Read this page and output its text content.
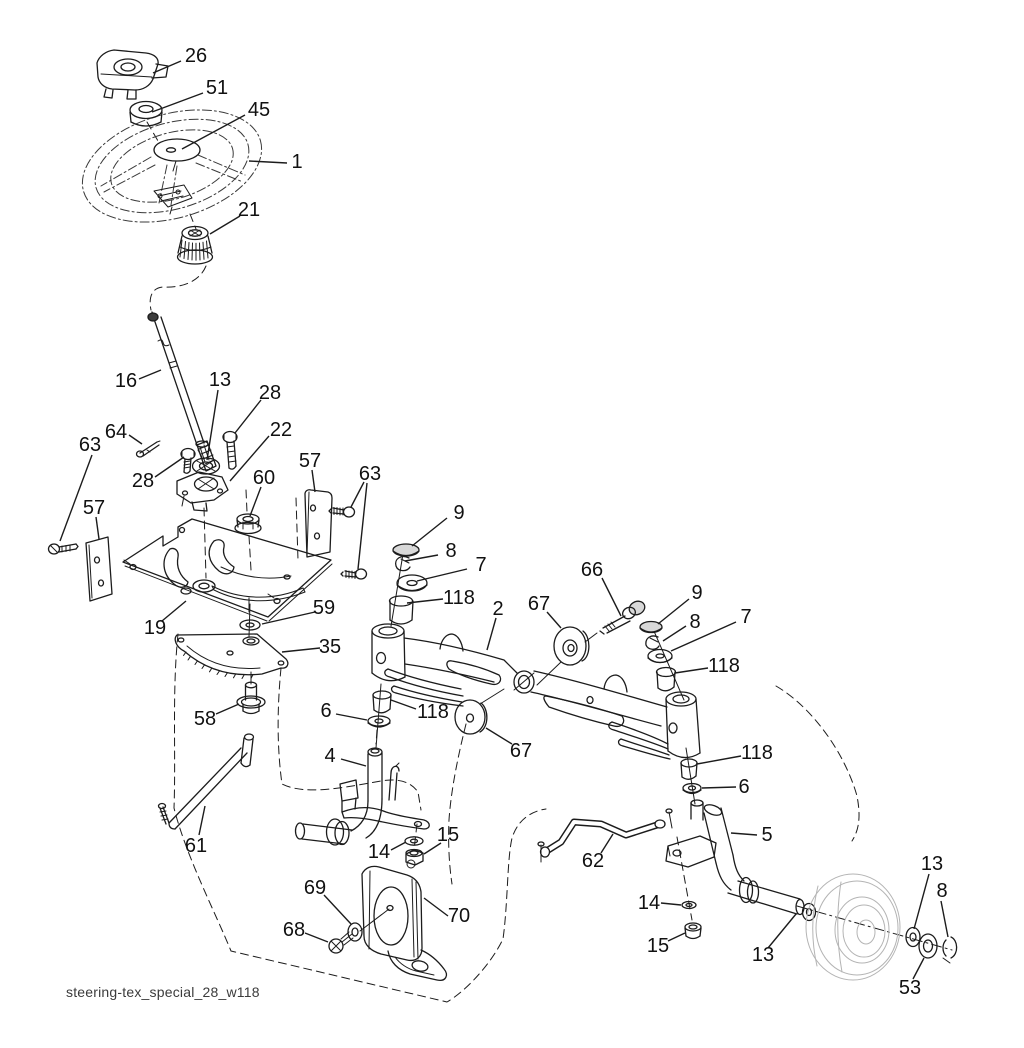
26
51
45
1
21
16	13
28
64
28
22
63
57
60
57
63
19
59
35
58
61
9
8
7
118 2 67
66
9
8 7
118
118
6
4	67	118
6
5
15
14	62
14
15	13
13
8
53
69
68
70
steering-tex_special_28_w118
